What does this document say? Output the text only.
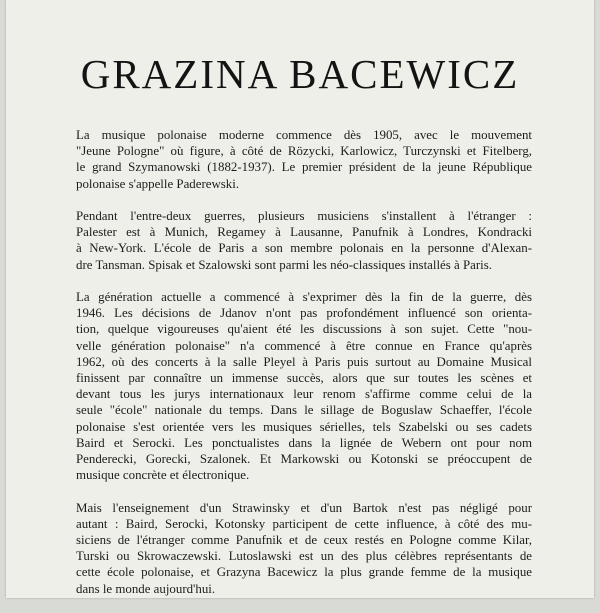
GRAZINA BACEWICZ

La musique polonaise moderne commence dès 1905, avec le mouvement
"Jeune Pologne" où figure, à côté de Rözycki, Karlowicz, Turczynski et Fitelberg,
le grand Szymanowski (1882-1937). Le premier président de la jeune République
polonaise s'appelle Paderewski.

Pendant l'entre-deux guerres, plusieurs musiciens s'installent à l'étranger :
Palester est à Munich, Regamey à Lausanne, Panufnik à Londres, Kondracki
à New-York. L'école de Paris a son membre polonais en la personne d'Alexan-
dre Tansman. Spisak et Szalowski sont parmi les néo-classiques installés à Paris.

La génération actuelle a commencé à s'exprimer dès la fin de la guerre, dès
1946. Les décisions de Jdanov n'ont pas profondément influencé son orienta-
tion, quelque vigoureuses qu'aient été les discussions à son sujet. Cette "nou-
velle génération polonaise" n'a commencé à être connue en France qu'après
1962, où des concerts à la salle Pleyel à Paris puis surtout au Domaine Musical
finissent par connaître un immense succès, alors que sur toutes les scènes et
devant tous les jurys internationaux leur renom s'affirme comme celui de la
seule "école" nationale du temps. Dans le sillage de Boguslaw Schaeffer, l'école
polonaise s'est orientée vers les musiques sérielles, tels Szabelski ou ses cadets
Baird et Serocki. Les ponctualistes dans la lignée de Webern ont pour nom
Penderecki, Gorecki, Szalonek. Et Markowski ou Kotonski se préoccupent de
musique concrète et électronique.

Mais l'enseignement d'un Strawinsky et d'un Bartok n'est pas négligé pour
autant : Baird, Serocki, Kotonsky participent de cette influence, à côté des mu-
siciens de l'étranger comme Panufnik et de ceux restés en Pologne comme Kilar,
Turski ou Skrowaczewski. Lutoslawski est un des plus célèbres représentants de
cette école polonaise, et Grazyna Bacewicz la plus grande femme de la musique
dans le monde aujourd'hui.
